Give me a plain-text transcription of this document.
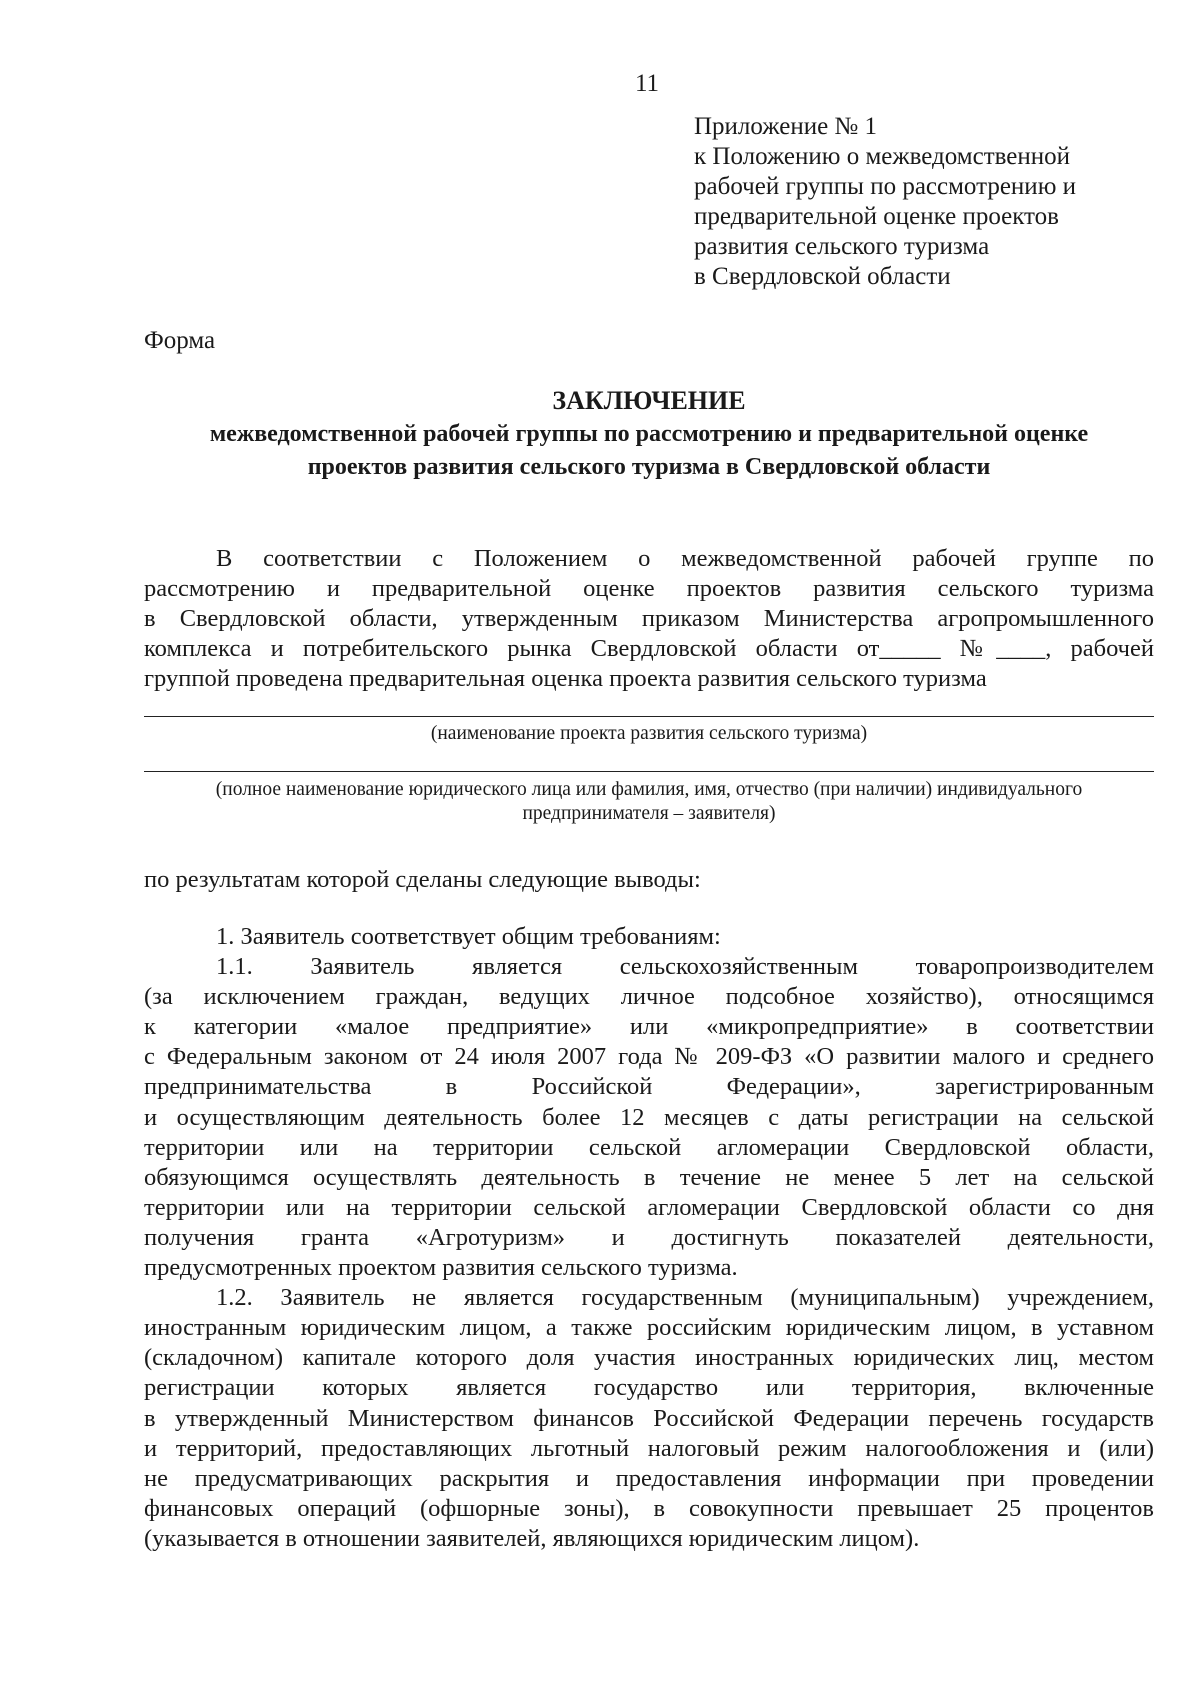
11
Приложение № 1
к Положению о межведомственной
рабочей группы по рассмотрению и
предварительной оценке проектов
развития сельского туризма
в Свердловской области
Форма
ЗАКЛЮЧЕНИЕ
межведомственной рабочей группы по рассмотрению и предварительной оценке
проектов развития сельского туризма в Свердловской области
В соответствии с Положением о межведомственной рабочей группе по
рассмотрению и предварительной оценке проектов развития сельского туризма
в Свердловской области, утвержденным приказом Министерства агропромышленного
комплекса и потребительского рынка Свердловской области от_____ №____, рабочей
группой проведена предварительная оценка проекта развития сельского туризма
(наименование проекта развития сельского туризма)
(полное наименование юридического лица или фамилия, имя, отчество (при наличии) индивидуального
предпринимателя – заявителя)
по результатам которой сделаны следующие выводы:
1. Заявитель соответствует общим требованиям:
1.1. Заявитель является сельскохозяйственным товаропроизводителем
(за исключением граждан, ведущих личное подсобное хозяйство), относящимся
к категории «малое предприятие» или «микропредприятие» в соответствии
с Федеральным законом от 24 июля 2007 года № 209-ФЗ «О развитии малого и среднего
предпринимательства в Российской Федерации», зарегистрированным
и осуществляющим деятельность более 12 месяцев с даты регистрации на сельской
территории или на территории сельской агломерации Свердловской области,
обязующимся осуществлять деятельность в течение не менее 5 лет на сельской
территории или на территории сельской агломерации Свердловской области со дня
получения гранта «Агротуризм» и достигнуть показателей деятельности,
предусмотренных проектом развития сельского туризма.
1.2. Заявитель не является государственным (муниципальным) учреждением,
иностранным юридическим лицом, а также российским юридическим лицом, в уставном
(складочном) капитале которого доля участия иностранных юридических лиц, местом
регистрации которых является государство или территория, включенные
в утвержденный Министерством финансов Российской Федерации перечень государств
и территорий, предоставляющих льготный налоговый режим налогообложения и (или)
не предусматривающих раскрытия и предоставления информации при проведении
финансовых операций (офшорные зоны), в совокупности превышает 25 процентов
(указывается в отношении заявителей, являющихся юридическим лицом).
